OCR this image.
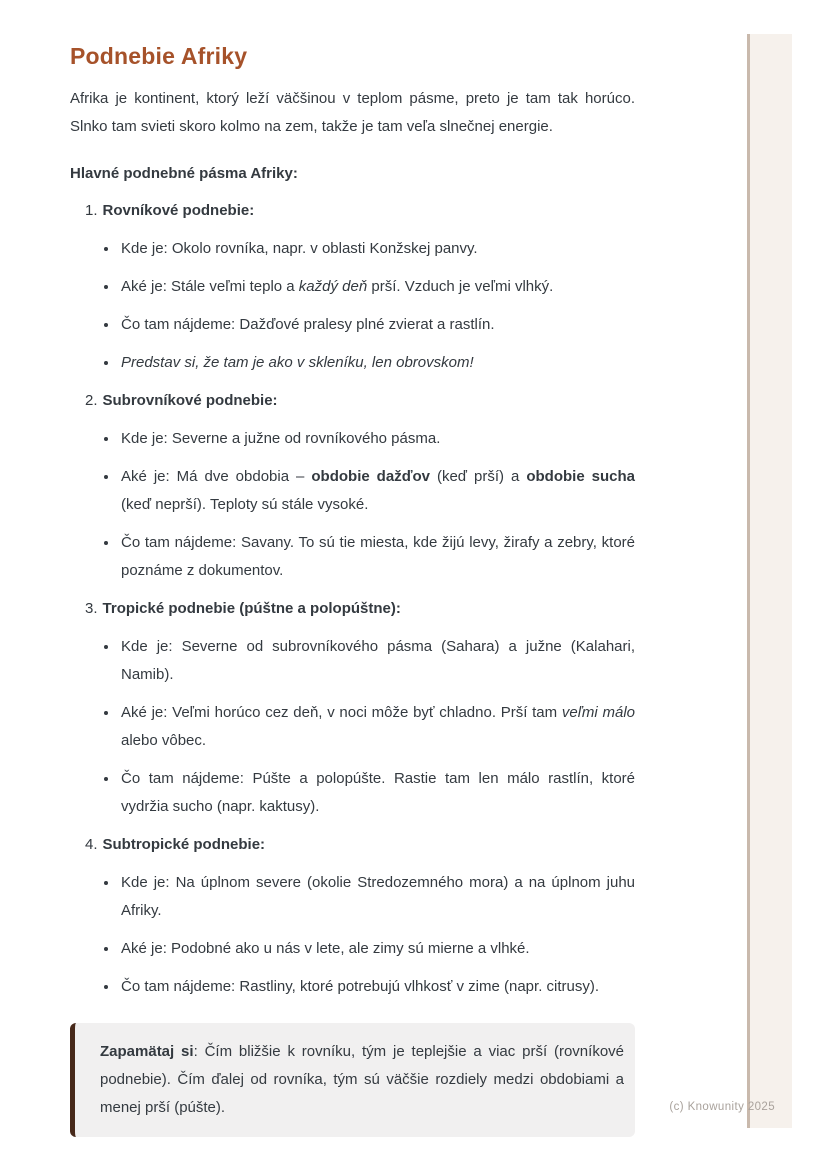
Podnebie Afriky

Afrika je kontinent, ktorý leží väčšinou v teplom pásme, preto je tam tak horúco. Slnko tam svieti skoro kolmo na zem, takže je tam veľa slnečnej energie.

Hlavné podnebné pásma Afriky:
1. Rovníkové podnebie:
• Kde je: Okolo rovníka, napr. v oblasti Konžskej panvy.
• Aké je: Stále veľmi teplo a každý deň prší. Vzduch je veľmi vlhký.
• Čo tam nájdeme: Dažďové pralesy plné zvierat a rastlín.
• Predstav si, že tam je ako v skleníku, len obrovskom!
2. Subrovníkové podnebie:
• Kde je: Severne a južne od rovníkového pásma.
• Aké je: Má dve obdobia – obdobie dažďov (keď prší) a obdobie sucha (keď neprší). Teploty sú stále vysoké.
• Čo tam nájdeme: Savany. To sú tie miesta, kde žijú levy, žirafy a zebry, ktoré poznáme z dokumentov.
3. Tropické podnebie (púštne a polopúštne):
• Kde je: Severne od subrovníkového pásma (Sahara) a južne (Kalahari, Namib).
• Aké je: Veľmi horúco cez deň, v noci môže byť chladno. Prší tam veľmi málo alebo vôbec.
• Čo tam nájdeme: Púšte a polopúšte. Rastie tam len málo rastlín, ktoré vydržia sucho (napr. kaktusy).
4. Subtropické podnebie:
• Kde je: Na úplnom severe (okolie Stredozemného mora) a na úplnom juhu Afriky.
• Aké je: Podobné ako u nás v lete, ale zimy sú mierne a vlhké.
• Čo tam nájdeme: Rastliny, ktoré potrebujú vlhkosť v zime (napr. citrusy).
Zapamätaj si: Čím bližšie k rovníku, tým je teplejšie a viac prší (rovníkové podnebie). Čím ďalej od rovníka, tým sú väčšie rozdiely medzi obdobiami a menej prší (púšte).	(c) Knowunity 2025
